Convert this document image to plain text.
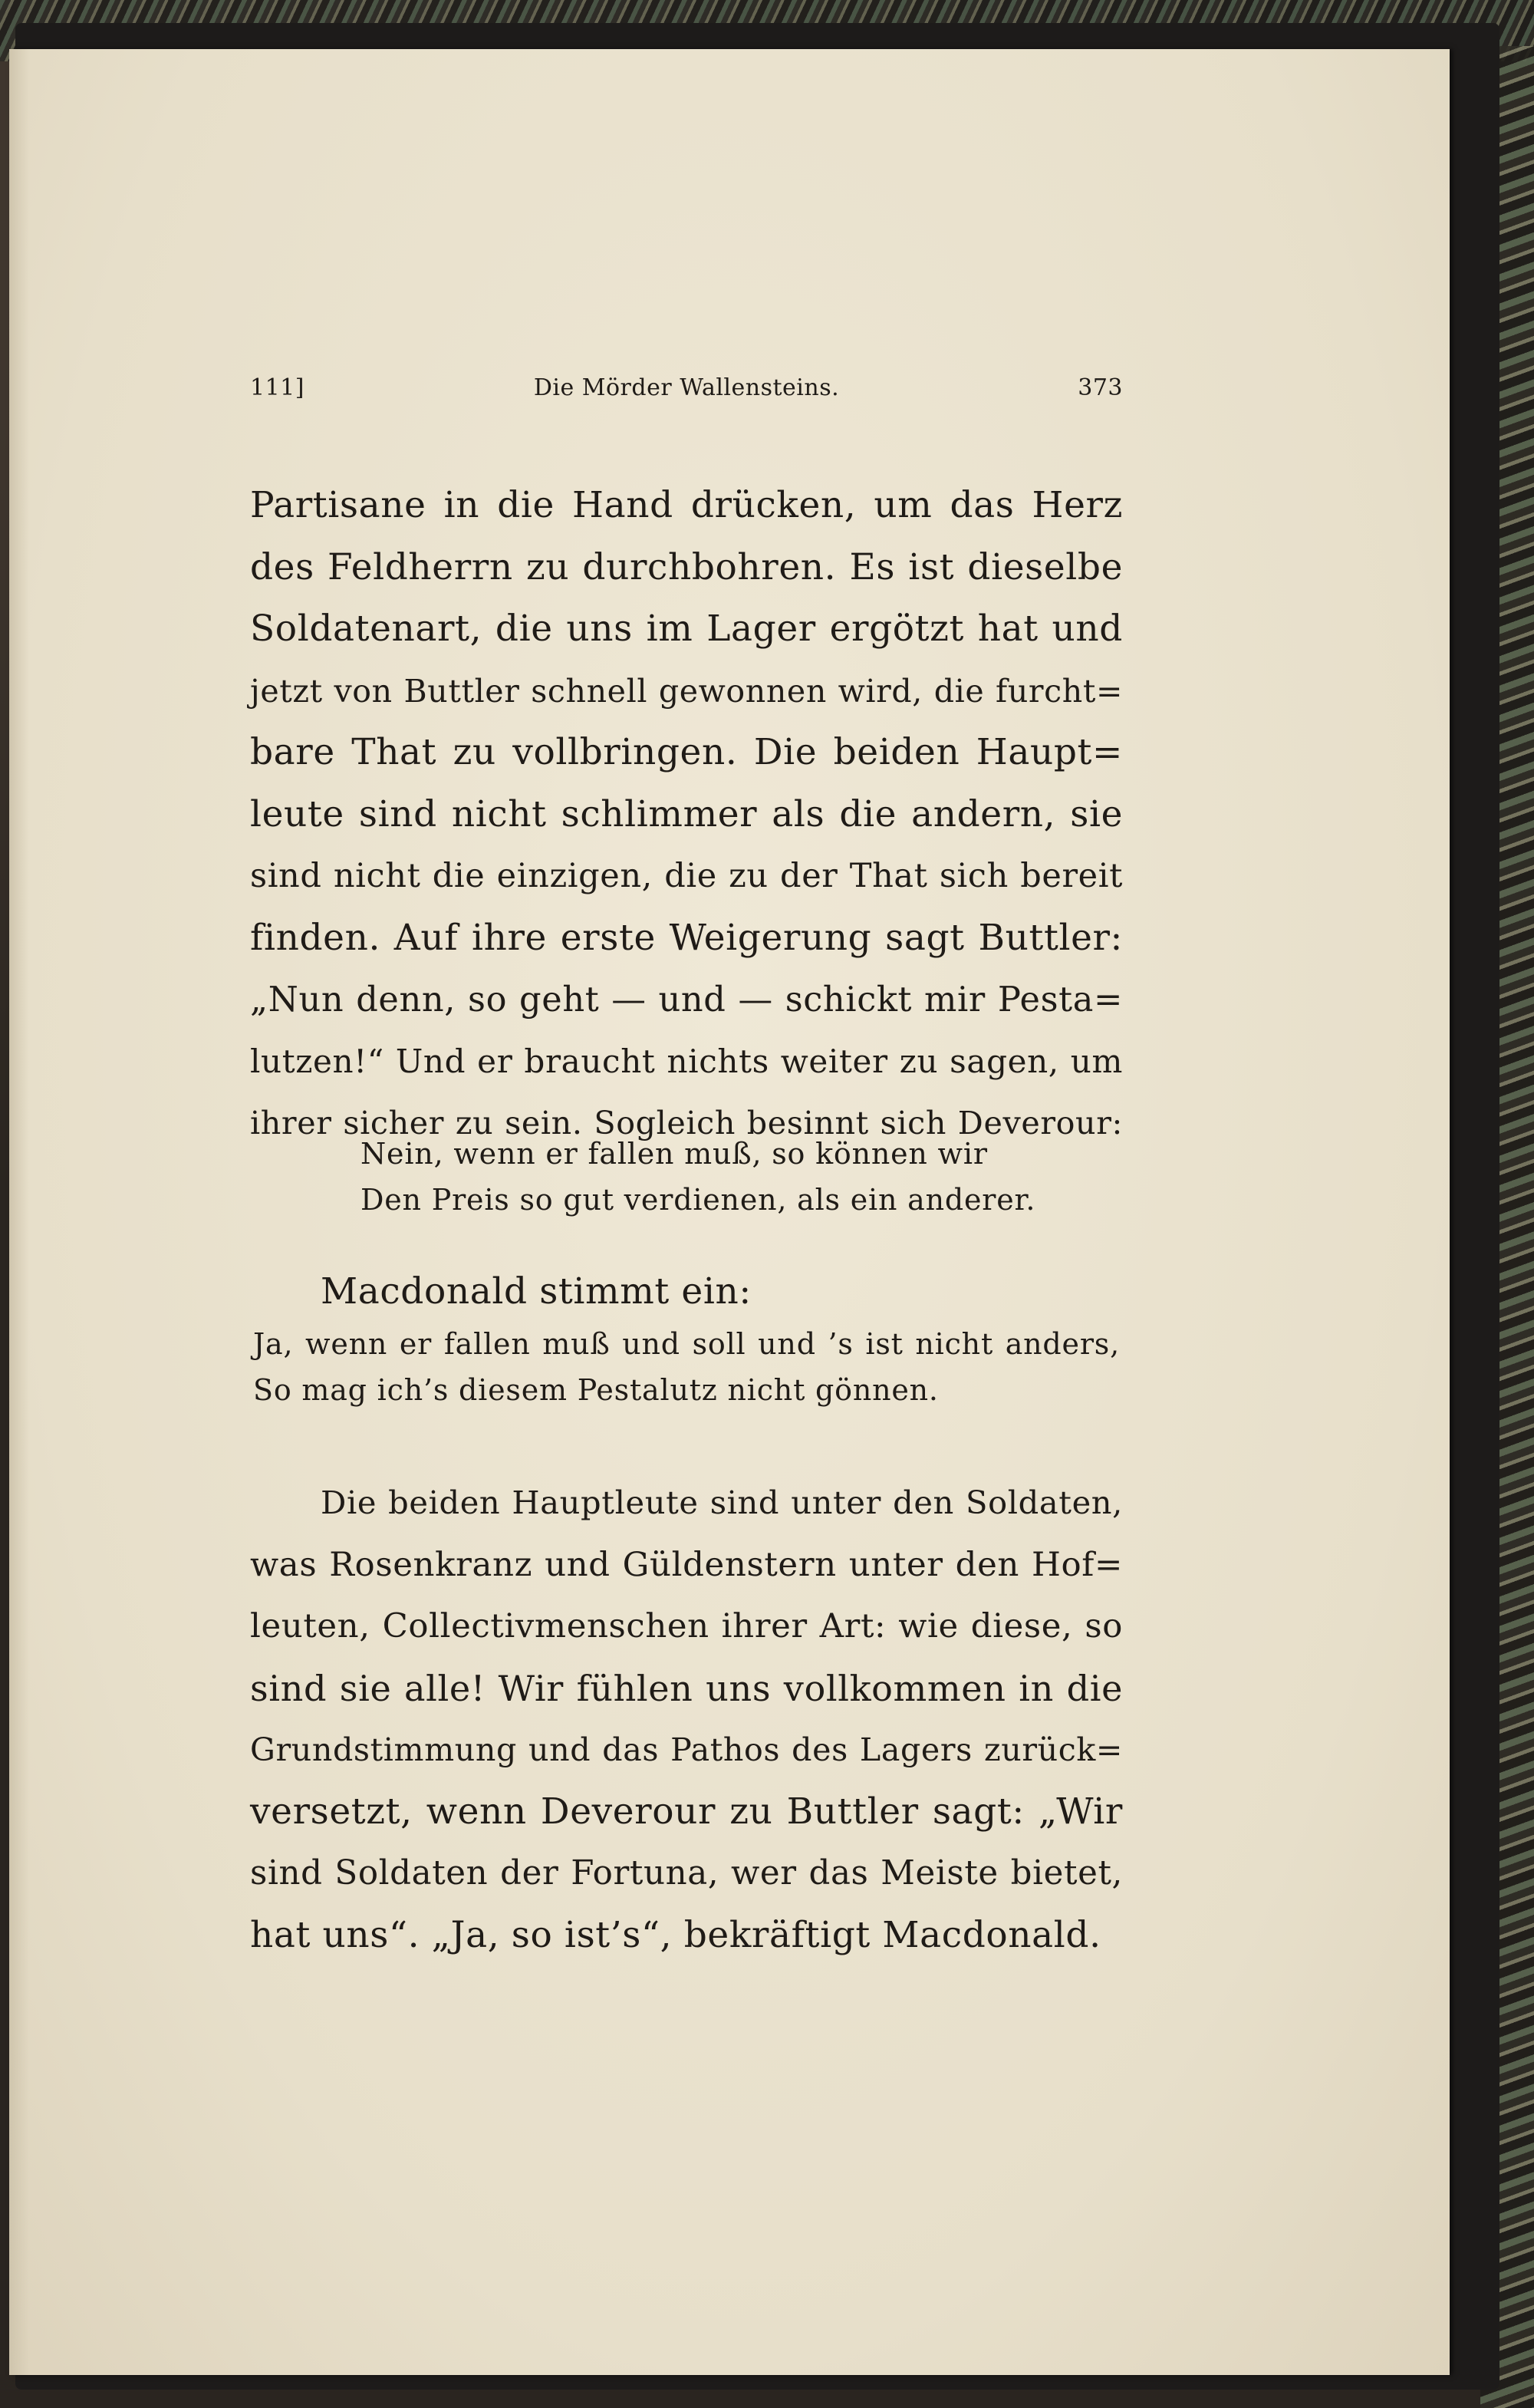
111]	Die Mörder Wallensteins.	373
Partisane in die Hand drücken, um das Herz
des Feldherrn zu durchbohren. Es ist dieselbe
Soldatenart, die uns im Lager ergötzt hat und
jetzt von Buttler schnell gewonnen wird, die furcht=
bare That zu vollbringen. Die beiden Haupt=
leute sind nicht schlimmer als die andern, sie
sind nicht die einzigen, die zu der That sich bereit
finden. Auf ihre erste Weigerung sagt Buttler:
„Nun denn, so geht — und — schickt mir Pesta=
lutzen!“ Und er braucht nichts weiter zu sagen, um
ihrer sicher zu sein. Sogleich besinnt sich Deverour:
Nein, wenn er fallen muß, so können wir
Den Preis so gut verdienen, als ein anderer.
Macdonald stimmt ein:
Ja, wenn er fallen muß und soll und ’s ist nicht anders,
So mag ich’s diesem Pestalutz nicht gönnen.
Die beiden Hauptleute sind unter den Soldaten,
was Rosenkranz und Güldenstern unter den Hof=
leuten, Collectivmenschen ihrer Art: wie diese, so
sind sie alle! Wir fühlen uns vollkommen in die
Grundstimmung und das Pathos des Lagers zurück=
versetzt, wenn Deverour zu Buttler sagt: „Wir
sind Soldaten der Fortuna, wer das Meiste bietet,
hat uns“. „Ja, so ist’s“, bekräftigt Macdonald.
